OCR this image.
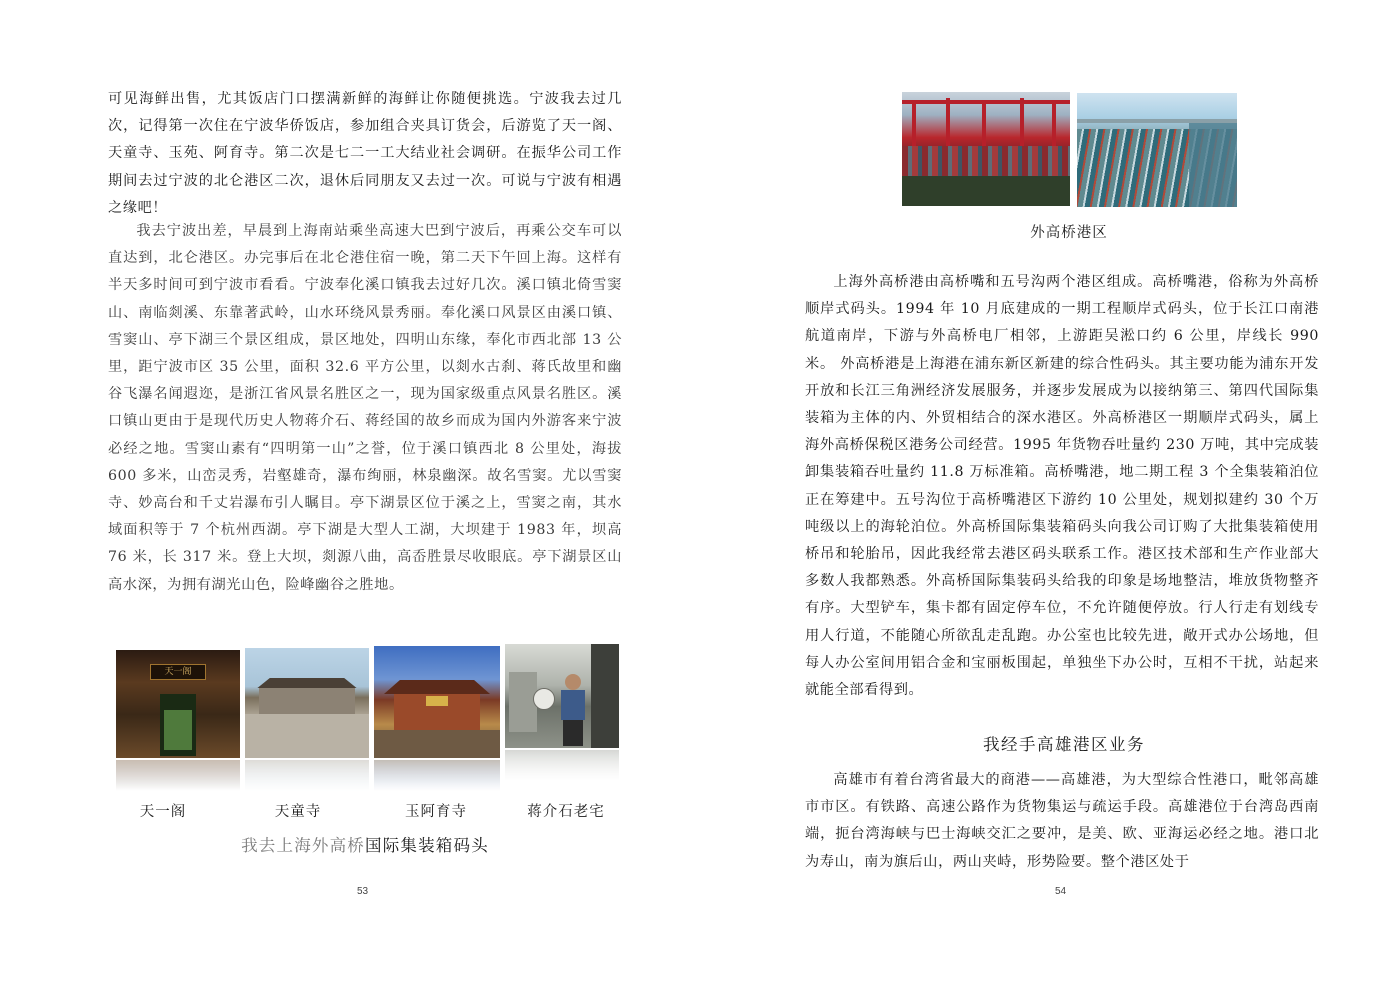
可见海鲜出售，尤其饭店门口摆满新鲜的海鲜让你随便挑选。宁波我去过几次，记得第一次住在宁波华侨饭店，参加组合夹具订货会，后游览了天一阁、天童寺、玉苑、阿育寺。第二次是七二一工大结业社会调研。在振华公司工作期间去过宁波的北仑港区二次，退休后同朋友又去过一次。可说与宁波有相遇之缘吧！

我去宁波出差，早晨到上海南站乘坐高速大巴到宁波后，再乘公交车可以直达到，北仑港区。办完事后在北仑港住宿一晚，第二天下午回上海。这样有半天多时间可到宁波市看看。宁波奉化溪口镇我去过好几次。溪口镇北倚雪窦山、南临剡溪、东靠著武岭，山水环绕风景秀丽。奉化溪口风景区由溪口镇、雪窦山、亭下湖三个景区组成，景区地处，四明山东缘，奉化市西北部 13 公里，距宁波市区 35 公里，面积 32.6 平方公里，以剡水古刹、蒋氏故里和幽谷飞瀑名闻遐迩，是浙江省风景名胜区之一，现为国家级重点风景名胜区。溪口镇山更由于是现代历史人物蒋介石、蒋经国的故乡而成为国内外游客来宁波必经之地。雪窦山素有“四明第一山”之誉，位于溪口镇西北 8 公里处，海拔 600 多米，山峦灵秀，岩壑雄奇，瀑布绚丽，林泉幽深。故名雪窦。尤以雪窦寺、妙高台和千丈岩瀑布引人瞩目。亭下湖景区位于溪之上，雪窦之南，其水域面积等于 7 个杭州西湖。亭下湖是大型人工湖，大坝建于 1983 年，坝高 76 米，长 317 米。登上大坝，剡源八曲，高岙胜景尽收眼底。亭下湖景区山高水深，为拥有湖光山色，险峰幽谷之胜地。

天一阁
天一阁	天童寺	玉阿育寺	蒋介石老宅
我去上海外高桥国际集装箱码头
53
外高桥港区

上海外高桥港由高桥嘴和五号沟两个港区组成。高桥嘴港，俗称为外高桥顺岸式码头。1994 年 10 月底建成的一期工程顺岸式码头，位于长江口南港航道南岸，下游与外高桥电厂相邻，上游距吴淞口约 6 公里，岸线长 990 米。 外高桥港是上海港在浦东新区新建的综合性码头。其主要功能为浦东开发开放和长江三角洲经济发展服务，并逐步发展成为以接纳第三、第四代国际集装箱为主体的内、外贸相结合的深水港区。外高桥港区一期顺岸式码头，属上海外高桥保税区港务公司经营。1995 年货物吞吐量约 230 万吨，其中完成装卸集装箱吞吐量约 11.8 万标准箱。高桥嘴港，地二期工程 3 个全集装箱泊位正在筹建中。五号沟位于高桥嘴港区下游约 10 公里处，规划拟建约 30 个万吨级以上的海轮泊位。外高桥国际集装箱码头向我公司订购了大批集装箱使用桥吊和轮胎吊，因此我经常去港区码头联系工作。港区技术部和生产作业部大多数人我都熟悉。外高桥国际集装码头给我的印象是场地整洁，堆放货物整齐有序。大型铲车，集卡都有固定停车位，不允许随便停放。行人行走有划线专用人行道，不能随心所欲乱走乱跑。办公室也比较先进，敞开式办公场地，但每人办公室间用铝合金和宝丽板围起，单独坐下办公时，互相不干扰，站起来就能全部看得到。

我经手高雄港区业务

高雄市有着台湾省最大的商港——高雄港，为大型综合性港口，毗邻高雄市市区。有铁路、高速公路作为货物集运与疏运手段。高雄港位于台湾岛西南端，扼台湾海峡与巴士海峡交汇之要冲，是美、欧、亚海运必经之地。港口北为寿山，南为旗后山，两山夹峙，形势险要。整个港区处于

54
